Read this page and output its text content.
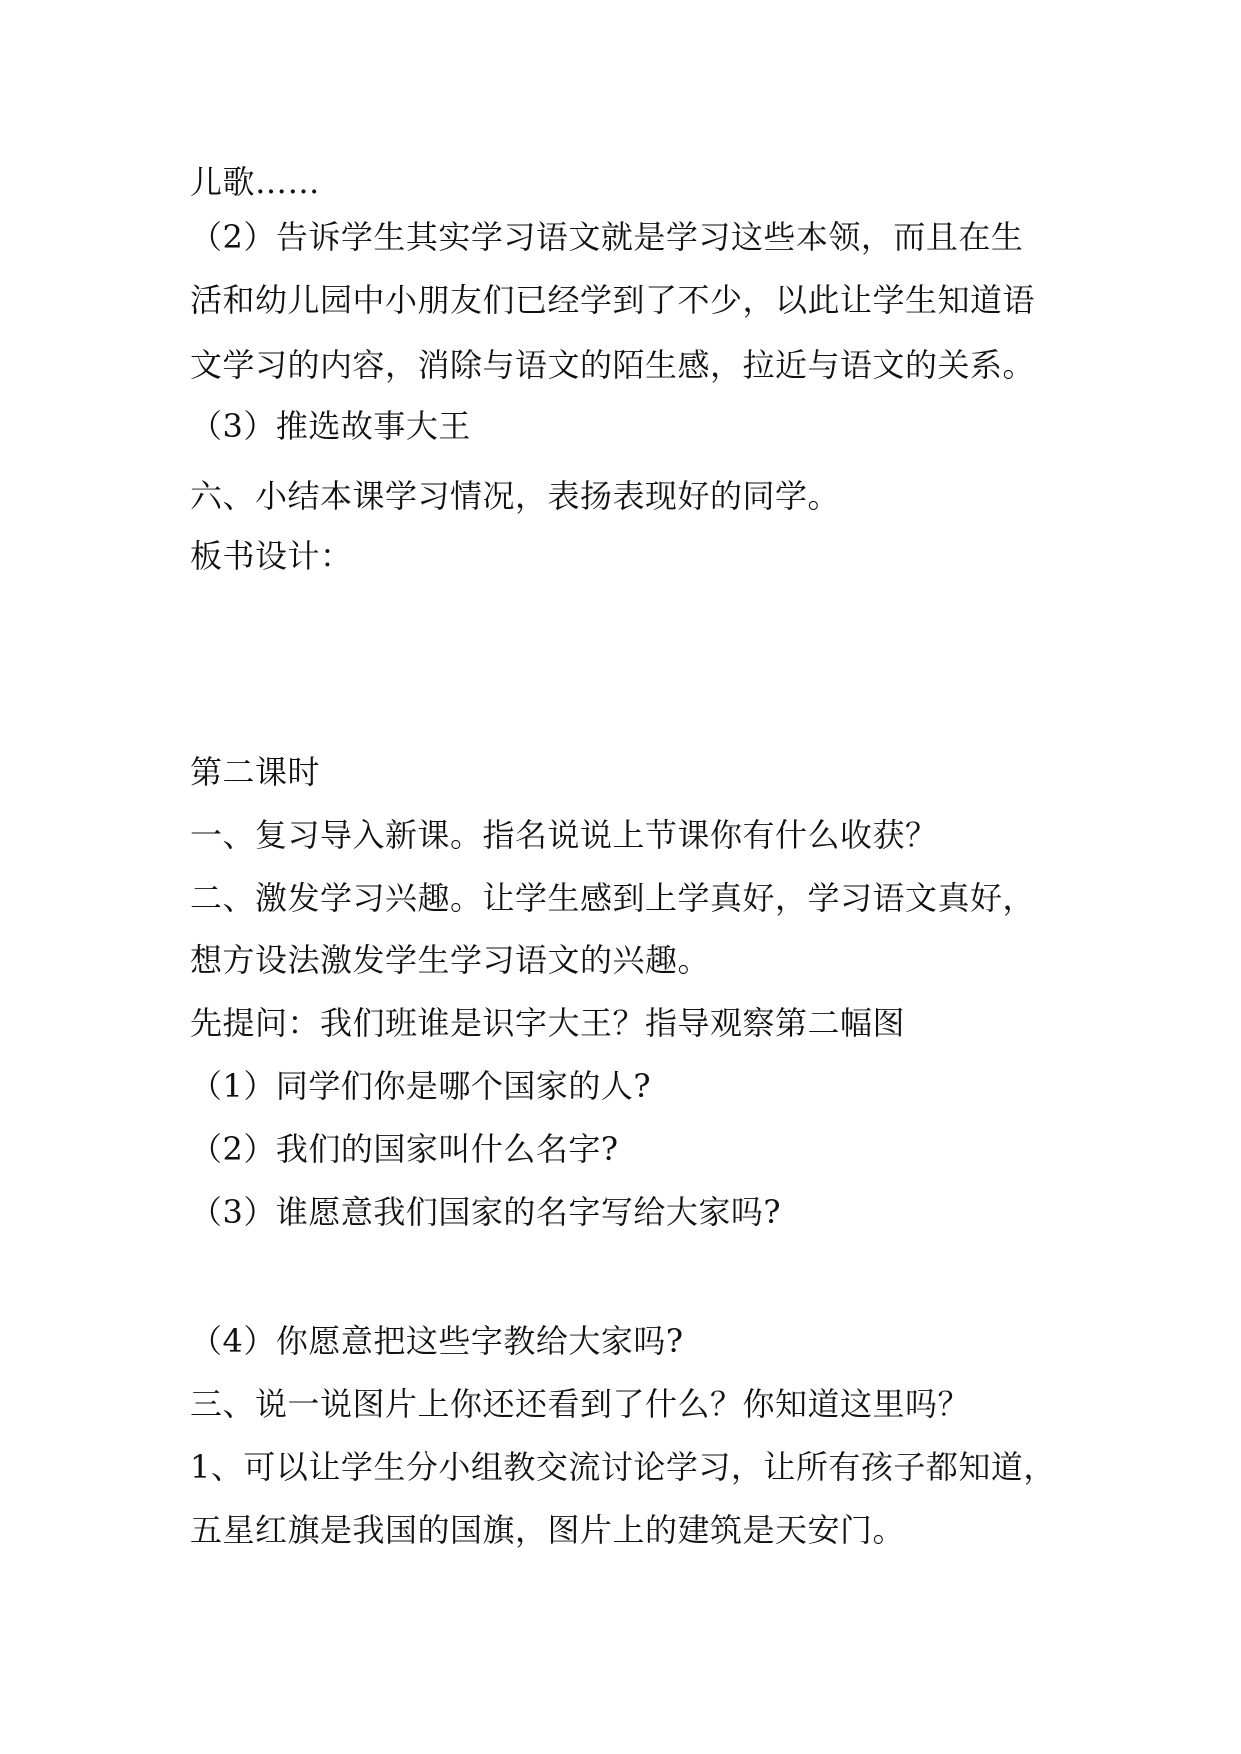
儿歌……
（2）告诉学生其实学习语文就是学习这些本领，而且在生
活和幼儿园中小朋友们已经学到了不少，以此让学生知道语
文学习的内容，消除与语文的陌生感，拉近与语文的关系。
（3）推选故事大王
六、小结本课学习情况，表扬表现好的同学。
板书设计：
第二课时
一、复习导入新课。指名说说上节课你有什么收获？
二、激发学习兴趣。让学生感到上学真好，学习语文真好，
想方设法激发学生学习语文的兴趣。
先提问：我们班谁是识字大王？指导观察第二幅图
（1）同学们你是哪个国家的人?
（2）我们的国家叫什么名字?
（3）谁愿意我们国家的名字写给大家吗?
（4）你愿意把这些字教给大家吗?
三、说一说图片上你还还看到了什么？你知道这里吗？
1、可以让学生分小组教交流讨论学习，让所有孩子都知道，
五星红旗是我国的国旗，图片上的建筑是天安门。
